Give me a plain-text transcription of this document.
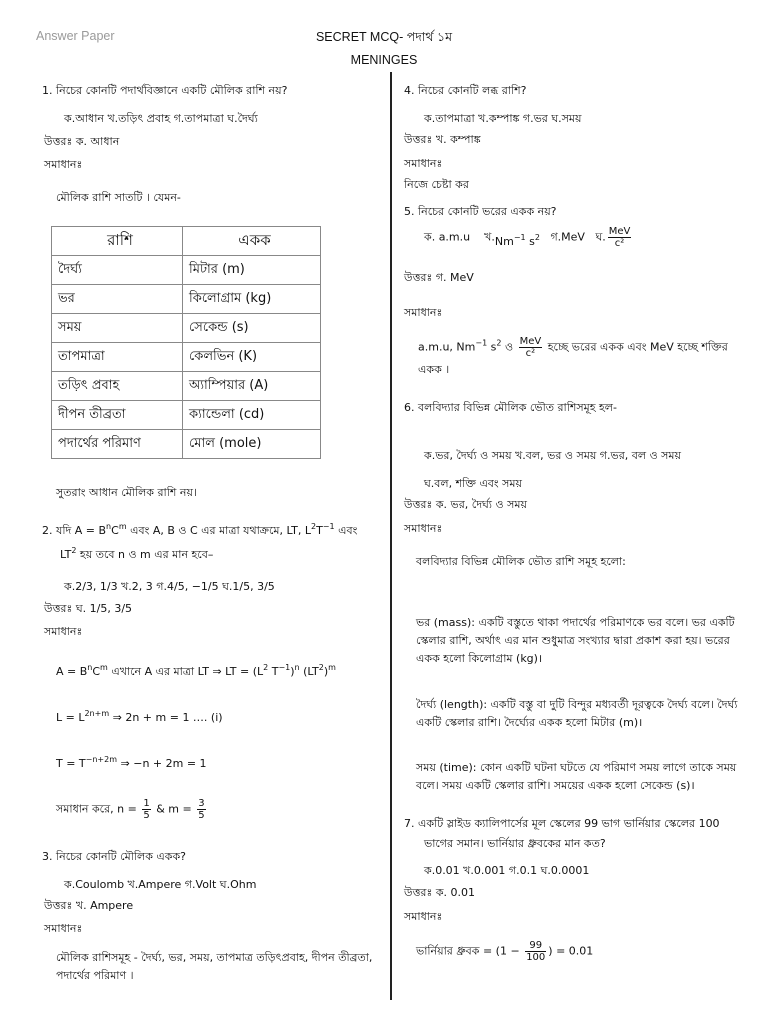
Answer Paper	SECRET MCQ- পদার্থ ১ম
MENINGES
1. নিচের কোনটি পদার্থবিজ্ঞানে একটি মৌলিক রাশি নয়?
ক.আধান খ.তড়িৎ প্রবাহ গ.তাপমাত্রা ঘ.দৈর্ঘ্য
উত্তরঃ ক. আধান
সমাধানঃ
মৌলিক রাশি সাতটি । যেমন-
রাশি	একক
দৈর্ঘ্য	মিটার (m)
ভর	কিলোগ্রাম (kg)
সময়	সেকেন্ড (s)
তাপমাত্রা	কেলভিন (K)
তড়িৎ প্রবাহ	অ্যাম্পিয়ার (A)
দীপন তীব্রতা	ক্যান্ডেলা (cd)
পদার্থের পরিমাণ	মোল (mole)
সুতরাং আধান মৌলিক রাশি নয়।
2. যদি $A = B^nC^m$ এবং A, B ও C এর মাত্রা যথাক্রমে, LT, $L^2T^{-1}$ এবং
$LT^2$ হয় তবে n ও m এর মান হবে–
ক.2/3, 1/3 খ.2, 3 গ.4/5, −1/5 ঘ.1/5, 3/5
উত্তরঃ ঘ. 1/5, 3/5
সমাধানঃ
$A = B^nC^m$ এখানে A এর মাত্রা LT ⇒ LT = ($L^2$ $T^{-1})^n$ $(LT^2)^m$
$L = L^{2n+m}$ ⇒ 2n + m = 1 …. (i)
$T = T^{-n+2m}$ ⇒ −n + 2m = 1
সমাধান করে, $n = \frac{1}{5}$ & $m = \frac{3}{5}$
3. নিচের কোনটি মৌলিক একক?
ক.Coulomb খ.Ampere গ.Volt ঘ.Ohm
উত্তরঃ খ. Ampere
সমাধানঃ
মৌলিক রাশিসমূহ - দৈর্ঘ্য, ভর, সময়, তাপমাত্র তড়িৎপ্রবাহ, দীপন তীব্রতা, পদার্থের পরিমাণ ।
4. নিচের কোনটি লব্ধ রাশি?
ক.তাপমাত্রা খ.কম্পাঙ্ক গ.ভর ঘ.সময়
উত্তরঃ খ. কম্পাঙ্ক
সমাধানঃ
নিজে চেষ্টা কর
5. নিচের কোনটি ভরের একক নয়?
ক. a.m.u $খ.Nm^{-1}$ $s^2$ গ.MeV ঘ. $\frac{\text{MeV}}{\text{c²}}$
উত্তরঃ গ. MeV
সমাধানঃ
a.m.u, $Nm^{-1}$ $s^2$ ও $\frac{\text{MeV}}{\text{c²}}$ হচ্ছে ভরের একক এবং MeV হচ্ছে শক্তির
একক ।
6. বলবিদ্যার বিভিন্ন মৌলিক ভৌত রাশিসমূহ হল-
ক.ভর, দৈর্ঘ্য ও সময় খ.বল, ভর ও সময় গ.ভর, বল ও সময়
ঘ.বল, শক্তি এবং সময়
উত্তরঃ ক. ভর, দৈর্ঘ্য ও সময়
সমাধানঃ
বলবিদ্যার বিভিন্ন মৌলিক ভৌত রাশি সমূহ হলো:
ভর (mass): একটি বস্তুতে থাকা পদার্থের পরিমাণকে ভর বলে। ভর একটি স্কেলার রাশি, অর্থাৎ এর মান শুধুমাত্র সংখ্যার দ্বারা প্রকাশ করা হয়। ভরের একক হলো কিলোগ্রাম (kg)।
দৈর্ঘ্য (length): একটি বস্তু বা দুটি বিন্দুর মধ্যবর্তী দূরত্বকে দৈর্ঘ্য বলে। দৈর্ঘ্য একটি স্কেলার রাশি। দৈর্ঘ্যের একক হলো মিটার (m)।
সময় (time): কোন একটি ঘটনা ঘটতে যে পরিমাণ সময় লাগে তাকে সময় বলে। সময় একটি স্কেলার রাশি। সময়ের একক হলো সেকেন্ড (s)।
7. একটি স্লাইড ক্যালিপার্সের মূল স্কেলের 99 ভাগ ভার্নিয়ার স্কেলের 100
ভাগের সমান। ভার্নিয়ার ধ্রুবকের মান কত?
ক.0.01 খ.0.001 গ.0.1 ঘ.0.0001
উত্তরঃ ক. 0.01
সমাধানঃ
ভার্নিয়ার ধ্রুবক = ($1 - \frac{99}{100}$ ) = 0.01
